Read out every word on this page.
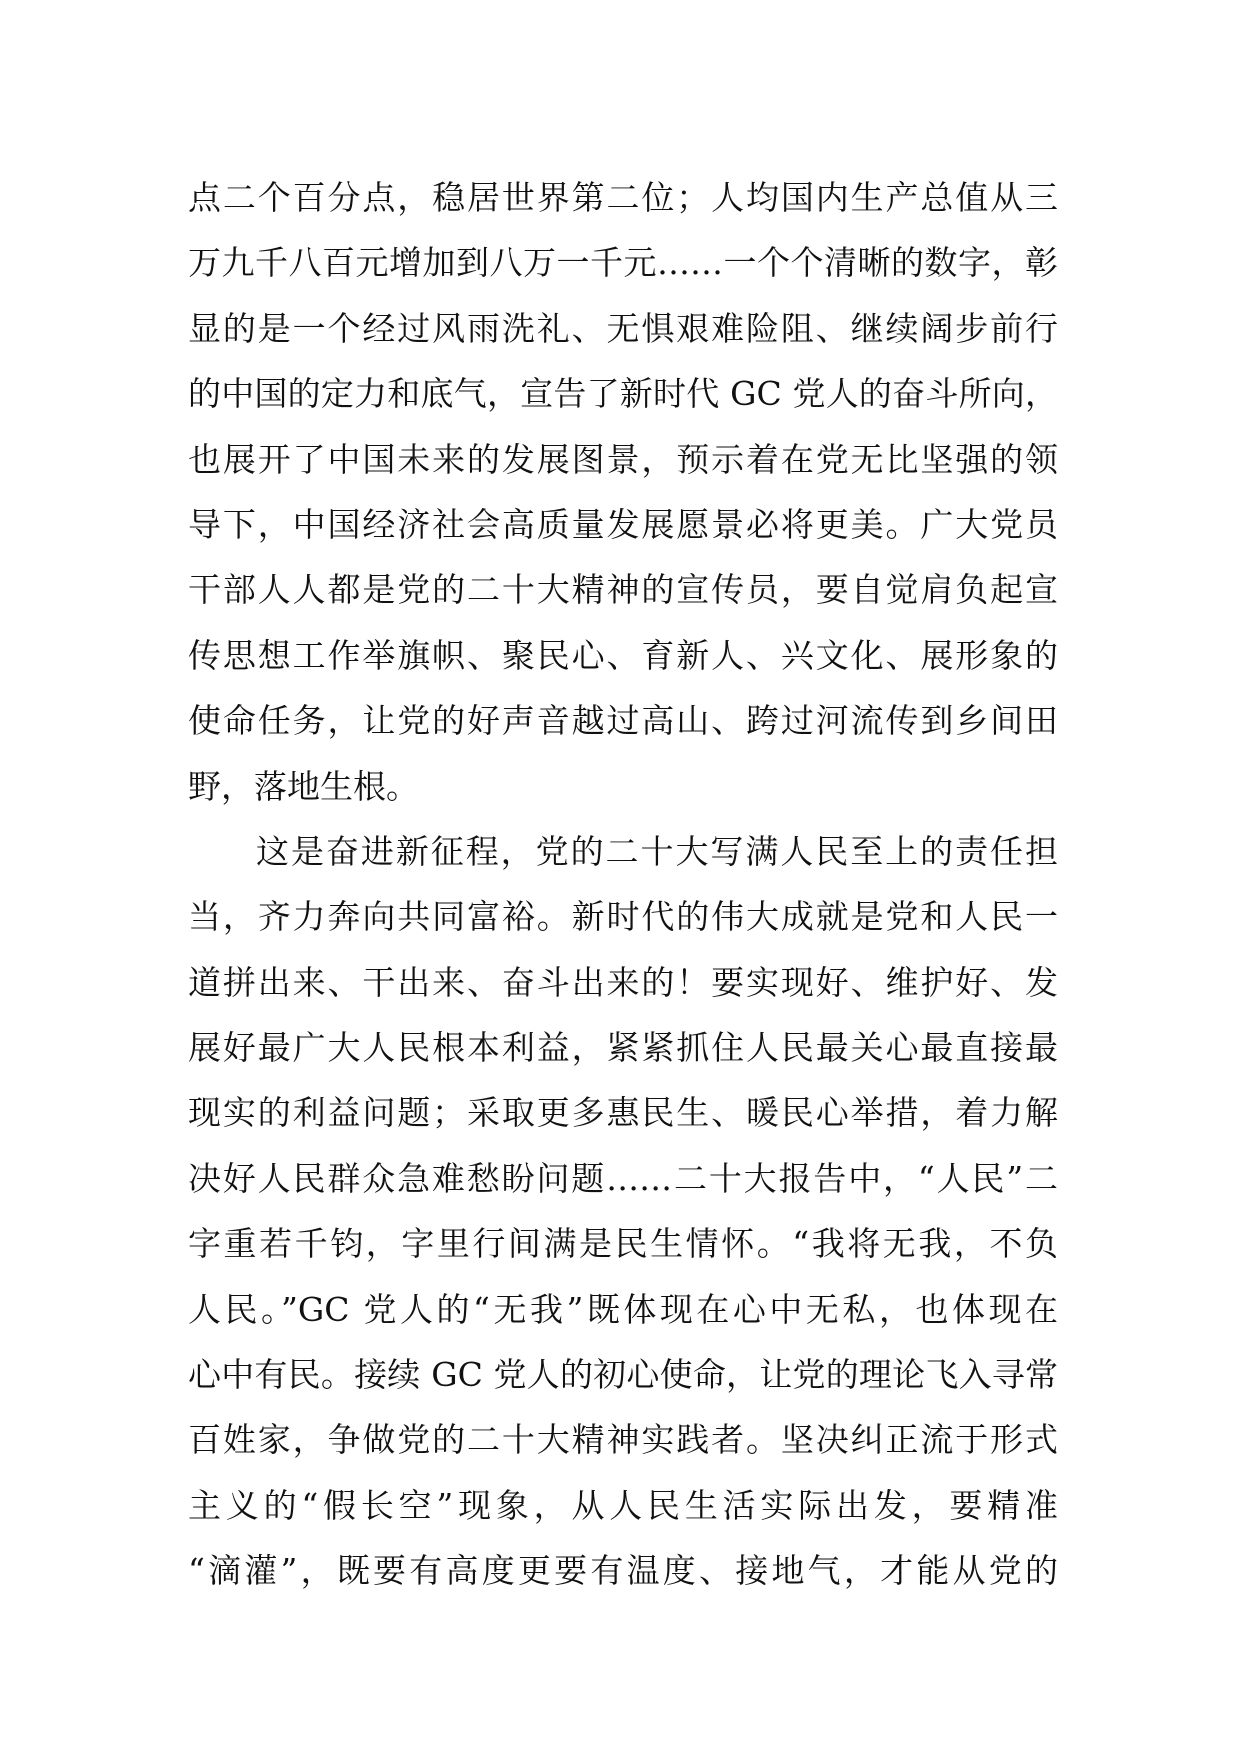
点二个百分点，稳居世界第二位；人均国内生产总值从三
万九千八百元增加到八万一千元……一个个清晰的数字，彰
显的是一个经过风雨洗礼、无惧艰难险阻、继续阔步前行
的中国的定力和底气，宣告了新时代 GC 党人的奋斗所向，
也展开了中国未来的发展图景，预示着在党无比坚强的领
导下，中国经济社会高质量发展愿景必将更美。广大党员
干部人人都是党的二十大精神的宣传员，要自觉肩负起宣
传思想工作举旗帜、聚民心、育新人、兴文化、展形象的
使命任务，让党的好声音越过高山、跨过河流传到乡间田
野，落地生根。
这是奋进新征程，党的二十大写满人民至上的责任担
当，齐力奔向共同富裕。新时代的伟大成就是党和人民一
道拼出来、干出来、奋斗出来的！要实现好、维护好、发
展好最广大人民根本利益，紧紧抓住人民最关心最直接最
现实的利益问题；采取更多惠民生、暖民心举措，着力解
决好人民群众急难愁盼问题……二十大报告中，“人民”二
字重若千钧，字里行间满是民生情怀。“我将无我，不负
人民。”GC 党人的“无我”既体现在心中无私，也体现在
心中有民。接续 GC 党人的初心使命，让党的理论飞入寻常
百姓家，争做党的二十大精神实践者。坚决纠正流于形式
主义的“假长空”现象，从人民生活实际出发，要精准
“滴灌”，既要有高度更要有温度、接地气，才能从党的
